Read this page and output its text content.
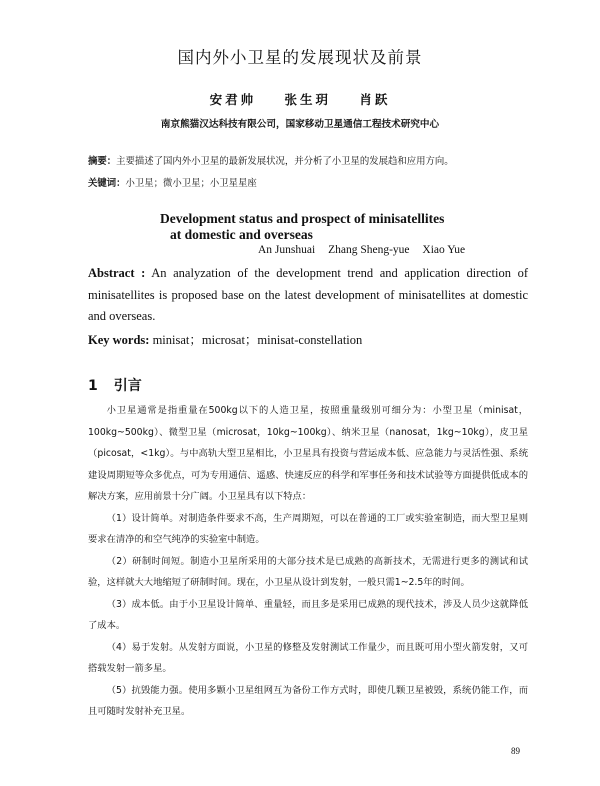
国内外小卫星的发展现状及前景
安君帅 张生玥 肖跃
南京熊猫汉达科技有限公司，国家移动卫星通信工程技术研究中心
摘要：主要描述了国内外小卫星的最新发展状况，并分析了小卫星的发展趋和应用方向。
关键词：小卫星；微小卫星；小卫星星座
Development status and prospect of minisatellites
at domestic and overseas
An Junshuai Zhang Sheng-yue Xiao Yue
Abstract : An analyzation of the development trend and application direction of minisatellites is proposed base on the latest development of minisatellites at domestic and overseas.
Key words: minisat；microsat；minisat-constellation
1 引言

小卫星通常是指重量在500kg以下的人造卫星，按照重量级别可细分为：小型卫星（minisat，100kg~500kg）、微型卫星（microsat，10kg~100kg）、纳米卫星（nanosat，1kg~10kg），皮卫星（picosat，<1kg）。与中高轨大型卫星相比，小卫星具有投资与营运成本低、应急能力与灵活性强、系统建设周期短等众多优点，可为专用通信、遥感、快速反应的科学和军事任务和技术试验等方面提供低成本的解决方案，应用前景十分广阔。小卫星具有以下特点：

（1）设计简单。对制造条件要求不高，生产周期短，可以在普通的工厂或实验室制造，而大型卫星则要求在清净的和空气纯净的实验室中制造。

（2）研制时间短。制造小卫星所采用的大部分技术是已成熟的高新技术，无需进行更多的测试和试验，这样就大大地缩短了研制时间。现在，小卫星从设计到发射，一般只需1~2.5年的时间。

（3）成本低。由于小卫星设计简单、重量轻，而且多是采用已成熟的现代技术，涉及人员少这就降低了成本。

（4）易于发射。从发射方面说，小卫星的修整及发射测试工作量少，而且既可用小型火箭发射，又可搭载发射一箭多星。

（5）抗毁能力强。使用多颗小卫星组网互为备份工作方式时，即使几颗卫星被毁，系统仍能工作，而且可随时发射补充卫星。

89
